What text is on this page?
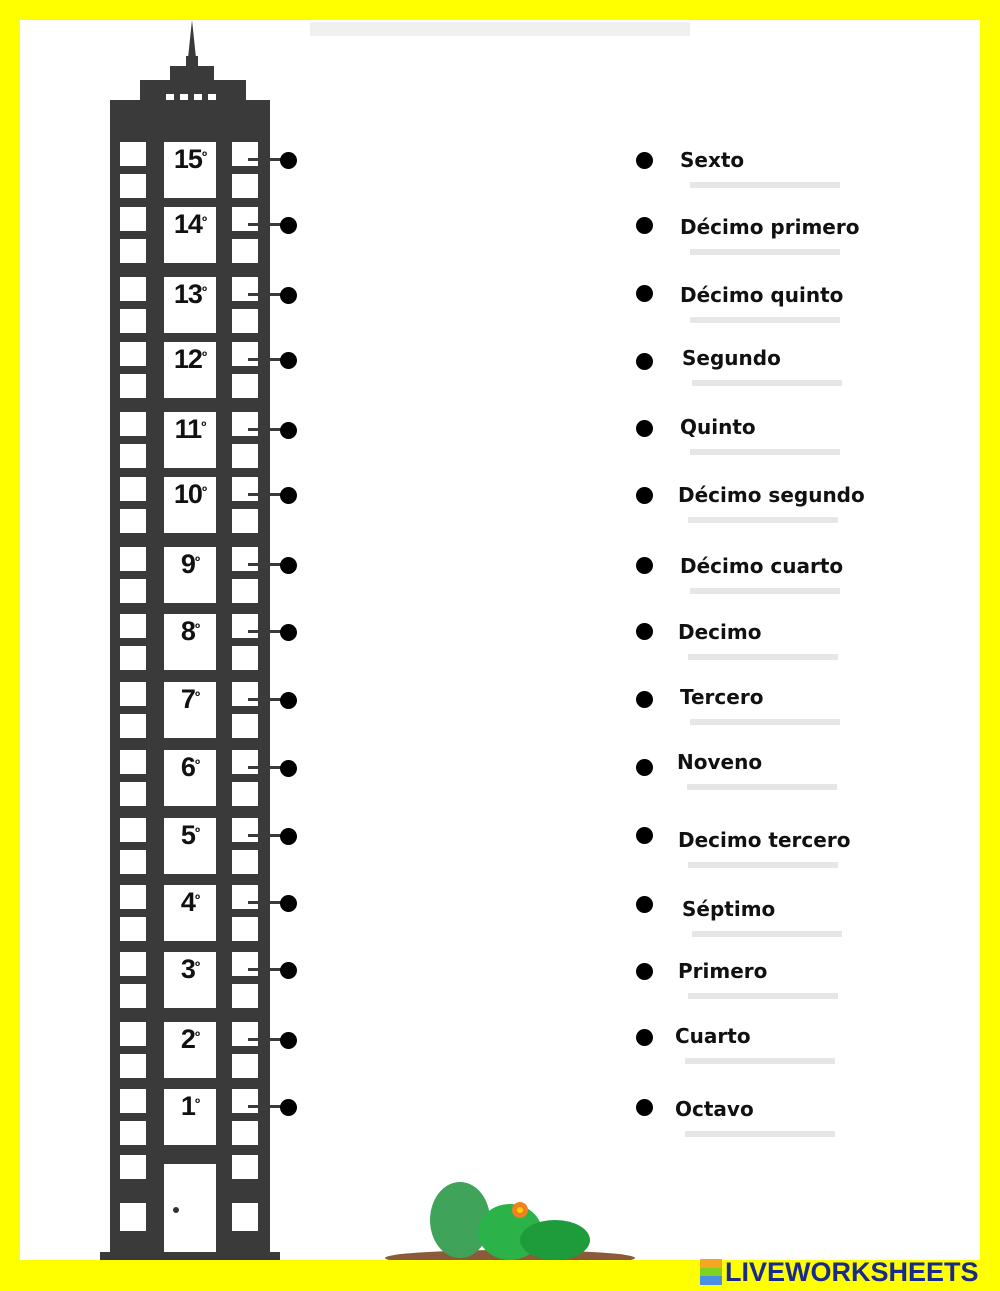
$15^º$
$14^º$
$13^º$
$12^º$
$11^º$
$10^º$
$9^º$
$8^º$
$7^º$
$6^º$
$5^º$
$4^º$
$3^º$
$2^º$
$1^º$
Sexto
Décimo primero
Décimo quinto
Segundo
Quinto
Décimo segundo
Décimo cuarto
Decimo
Tercero
Noveno
Decimo tercero
Séptimo
Primero
Cuarto
Octavo
LIVEWORKSHEETS
